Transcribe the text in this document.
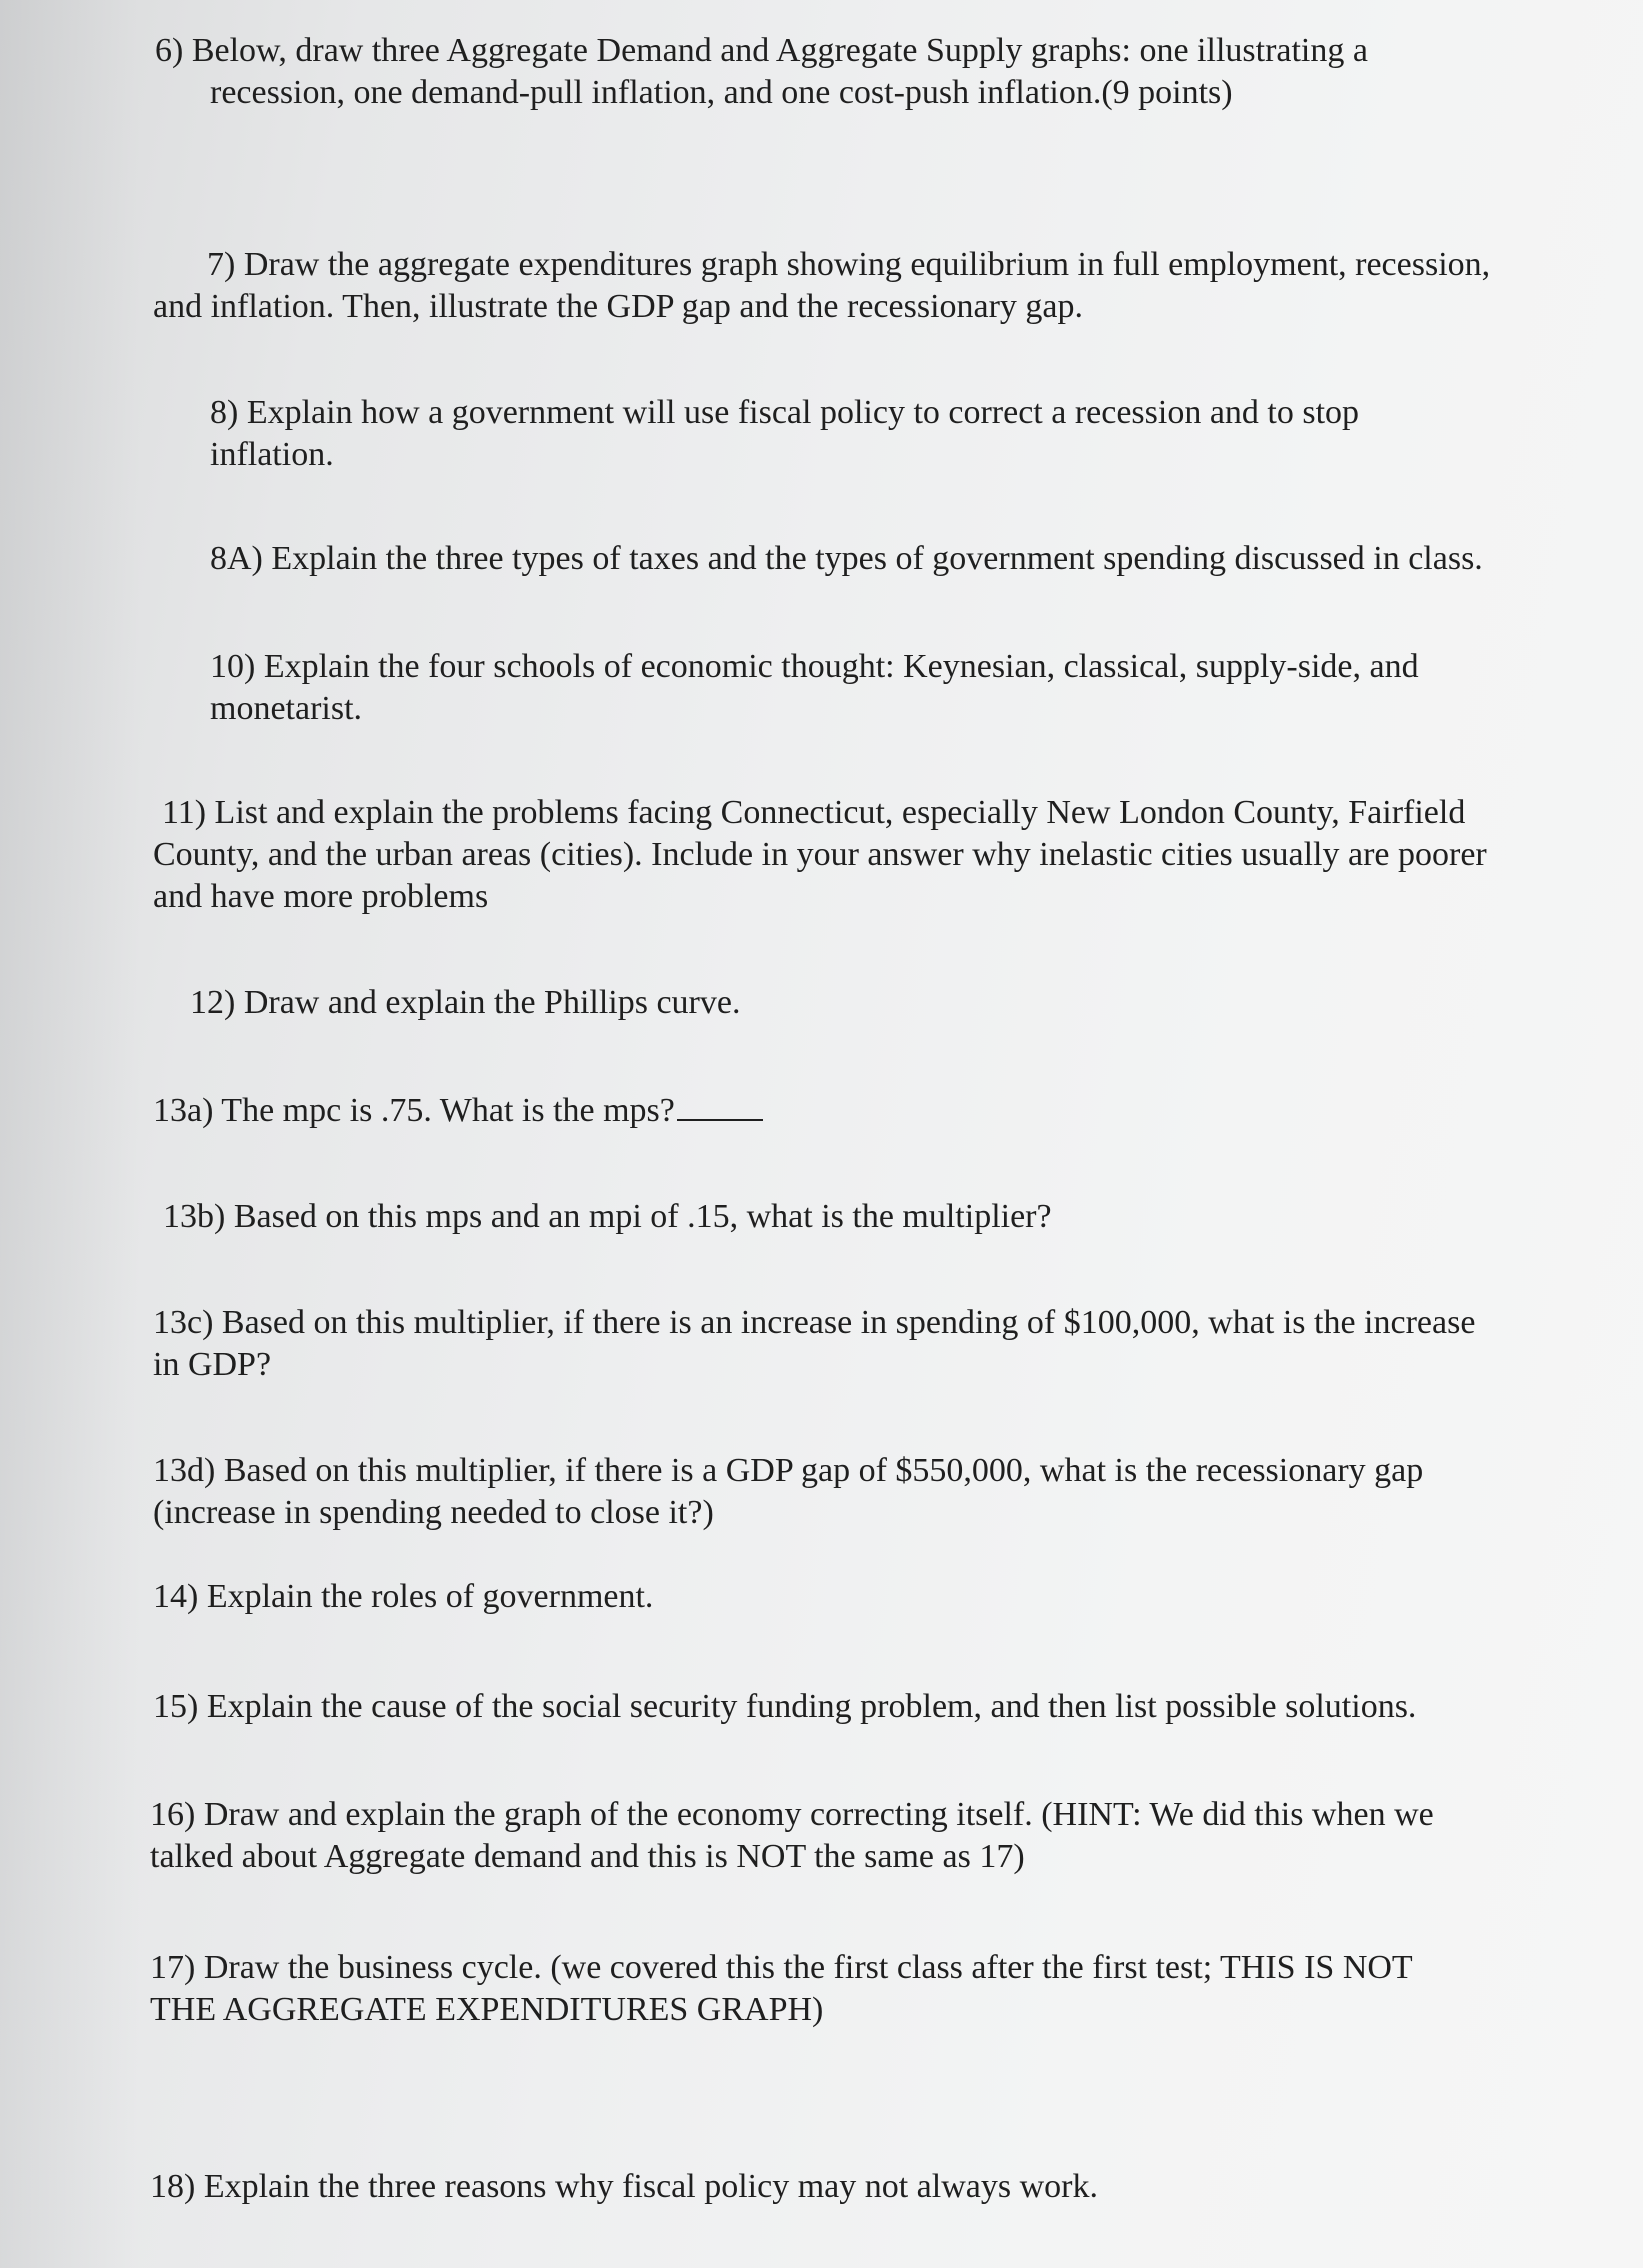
6) Below, draw three Aggregate Demand and Aggregate Supply graphs: one illustrating a

recession, one demand-pull inflation, and one cost-push inflation.(9 points)

7) Draw the aggregate expenditures graph showing equilibrium in full employment, recession,

and inflation. Then, illustrate the GDP gap and the recessionary gap.

8) Explain how a government will use fiscal policy to correct a recession and to stop

inflation.

8A) Explain the three types of taxes and the types of government spending discussed in class.

10) Explain the four schools of economic thought: Keynesian, classical, supply-side, and

monetarist.

11) List and explain the problems facing Connecticut, especially New London County, Fairfield

County, and the urban areas (cities). Include in your answer why inelastic cities usually are poorer

and have more problems

12) Draw and explain the Phillips curve.

13a) The mpc is .75. What is the mps?

13b) Based on this mps and an mpi of .15, what is the multiplier?

13c) Based on this multiplier, if there is an increase in spending of $100,000, what is the increase

in GDP?

13d) Based on this multiplier, if there is a GDP gap of $550,000, what is the recessionary gap

(increase in spending needed to close it?)

14) Explain the roles of government.

15) Explain the cause of the social security funding problem, and then list possible solutions.

16) Draw and explain the graph of the economy correcting itself. (HINT: We did this when we

talked about Aggregate demand and this is NOT the same as 17)

17) Draw the business cycle. (we covered this the first class after the first test; THIS IS NOT

THE AGGREGATE EXPENDITURES GRAPH)

18) Explain the three reasons why fiscal policy may not always work.
